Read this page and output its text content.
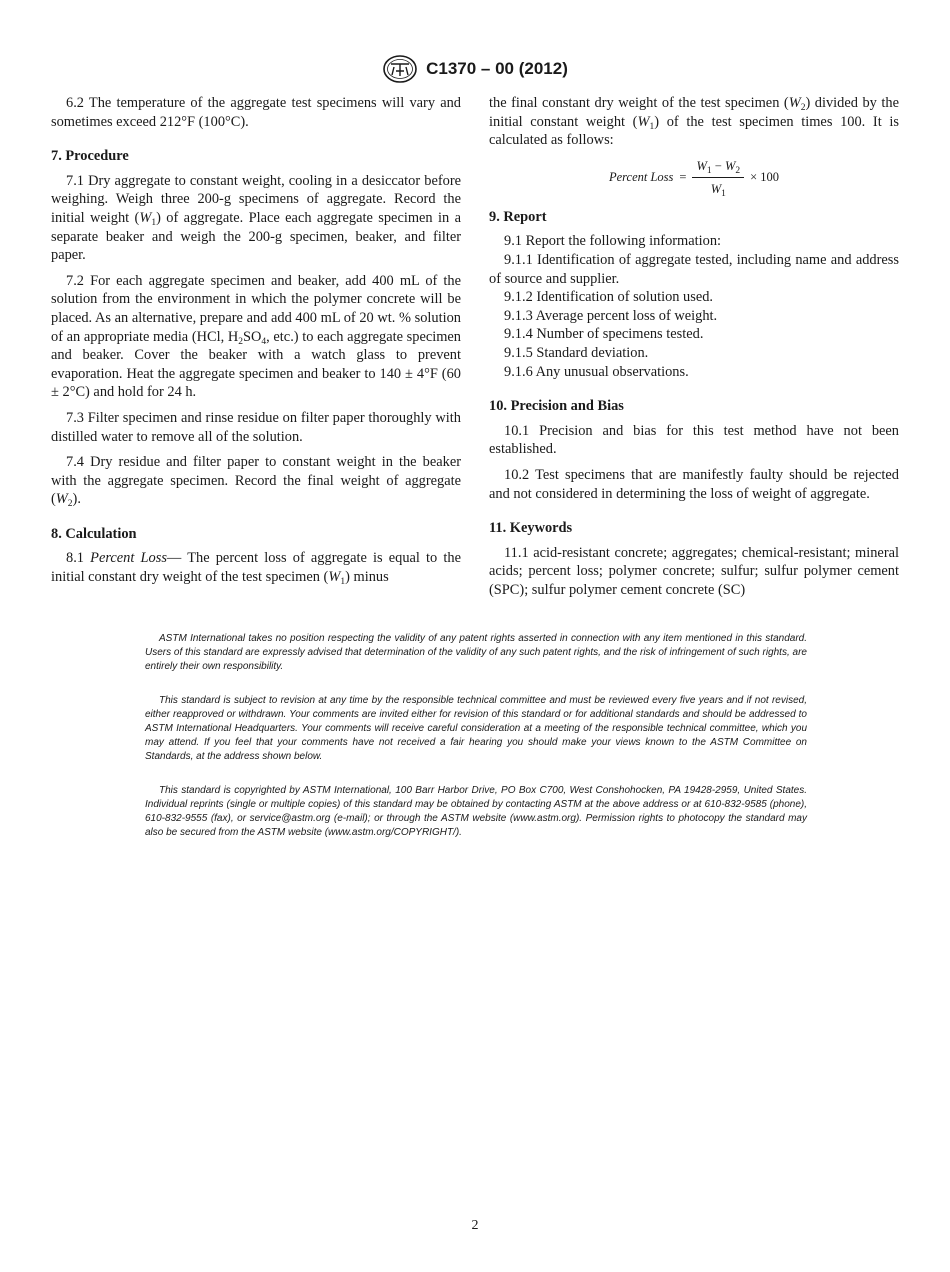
C1370 – 00 (2012)

6.2 The temperature of the aggregate test specimens will vary and sometimes exceed 212°F (100°C).

7. Procedure

7.1 Dry aggregate to constant weight, cooling in a desiccator before weighing. Weigh three 200-g specimens of aggregate. Record the initial weight $(W_1)$ of aggregate. Place each aggregate specimen in a separate beaker and weigh the 200-g specimen, beaker, and filter paper.

7.2 For each aggregate specimen and beaker, add 400 mL of the solution from the environment in which the polymer concrete will be placed. As an alternative, prepare and add 400 mL of 20 wt. % solution of an appropriate media (HCl, $H_2SO_4$, etc.) to each aggregate specimen and beaker. Cover the beaker with a watch glass to prevent evaporation. Heat the aggregate specimen and beaker to 140 ± 4°F (60 ± 2°C) and hold for 24 h.

7.3 Filter specimen and rinse residue on filter paper thoroughly with distilled water to remove all of the solution.

7.4 Dry residue and filter paper to constant weight in the beaker with the aggregate specimen. Record the final weight of aggregate $(W_2)$.

8. Calculation

8.1 Percent Loss— The percent loss of aggregate is equal to the initial constant dry weight of the test specimen $(W_1)$ minus

the final constant dry weight of the test specimen $(W_2)$ divided by the initial constant weight $(W_1)$ of the test specimen times 100. It is calculated as follows:

Percent Loss = $\frac{W_1 - W_2}{W_1} \times 100$
9. Report

9.1 Report the following information:

9.1.1 Identification of aggregate tested, including name and address of source and supplier.

9.1.2 Identification of solution used.

9.1.3 Average percent loss of weight.

9.1.4 Number of specimens tested.

9.1.5 Standard deviation.

9.1.6 Any unusual observations.

10. Precision and Bias

10.1 Precision and bias for this test method have not been established.

10.2 Test specimens that are manifestly faulty should be rejected and not considered in determining the loss of weight of aggregate.

11. Keywords

11.1 acid-resistant concrete; aggregates; chemical-resistant; mineral acids; percent loss; polymer concrete; sulfur; sulfur polymer cement (SPC); sulfur polymer cement concrete (SC)

ASTM International takes no position respecting the validity of any patent rights asserted in connection with any item mentioned in this standard. Users of this standard are expressly advised that determination of the validity of any such patent rights, and the risk of infringement of such rights, are entirely their own responsibility.

This standard is subject to revision at any time by the responsible technical committee and must be reviewed every five years and if not revised, either reapproved or withdrawn. Your comments are invited either for revision of this standard or for additional standards and should be addressed to ASTM International Headquarters. Your comments will receive careful consideration at a meeting of the responsible technical committee, which you may attend. If you feel that your comments have not received a fair hearing you should make your views known to the ASTM Committee on Standards, at the address shown below.

This standard is copyrighted by ASTM International, 100 Barr Harbor Drive, PO Box C700, West Conshohocken, PA 19428-2959, United States. Individual reprints (single or multiple copies) of this standard may be obtained by contacting ASTM at the above address or at 610-832-9585 (phone), 610-832-9555 (fax), or service@astm.org (e-mail); or through the ASTM website (www.astm.org). Permission rights to photocopy the standard may also be secured from the ASTM website (www.astm.org/COPYRIGHT/).

2
